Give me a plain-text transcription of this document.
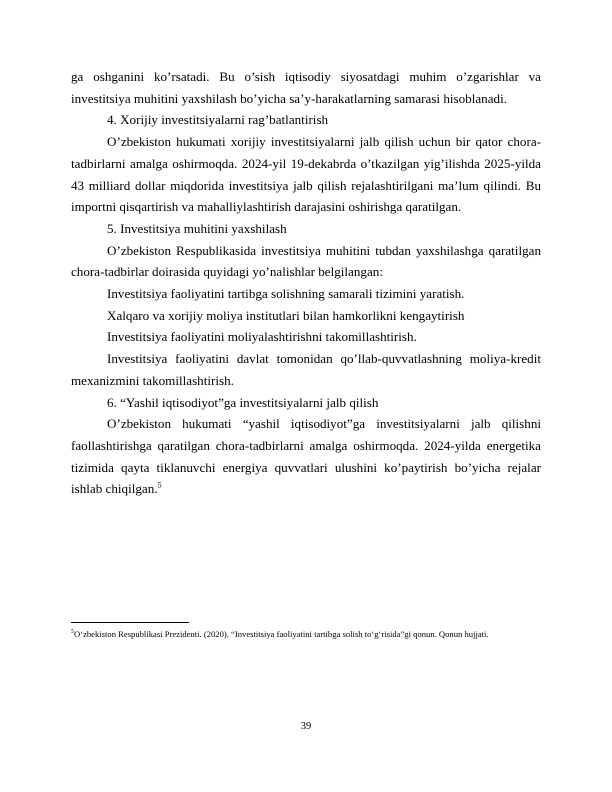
ga oshganini ko’rsatadi. Bu o’sish iqtisodiy siyosatdagi muhim o’zgarishlar va investitsiya muhitini yaxshilash bo’yicha sa’y-harakatlarning samarasi hisoblanadi.

4. Xorijiy investitsiyalarni rag’batlantirish

O’zbekiston hukumati xorijiy investitsiyalarni jalb qilish uchun bir qator chora-tadbirlarni amalga oshirmoqda. 2024-yil 19-dekabrda o’tkazilgan yig’ilishda 2025-yilda 43 milliard dollar miqdorida investitsiya jalb qilish rejalashtirilgani ma’lum qilindi. Bu importni qisqartirish va mahalliylashtirish darajasini oshirishga qaratilgan.

5. Investitsiya muhitini yaxshilash

O’zbekiston Respublikasida investitsiya muhitini tubdan yaxshilashga qaratilgan chora-tadbirlar doirasida quyidagi yo’nalishlar belgilangan:

Investitsiya faoliyatini tartibga solishning samarali tizimini yaratish.

Xalqaro va xorijiy moliya institutlari bilan hamkorlikni kengaytirish

Investitsiya faoliyatini moliyalashtirishni takomillashtirish.

Investitsiya faoliyatini davlat tomonidan qo’llab-quvvatlashning moliya-kredit mexanizmini takomillashtirish.

6. “Yashil iqtisodiyot”ga investitsiyalarni jalb qilish

O’zbekiston hukumati “yashil iqtisodiyot”ga investitsiyalarni jalb qilishni faollashtirishga qaratilgan chora-tadbirlarni amalga oshirmoqda. 2024-yilda energetika tizimida qayta tiklanuvchi energiya quvvatlari ulushini ko’paytirish bo’yicha rejalar ishlab chiqilgan.$^5$

$^5$O‘zbekiston Respublikasi Prezidenti. (2020). “Investitsiya faoliyatini tartibga solish to‘g‘risida”gi qonun. Qonun hujjati.
39
